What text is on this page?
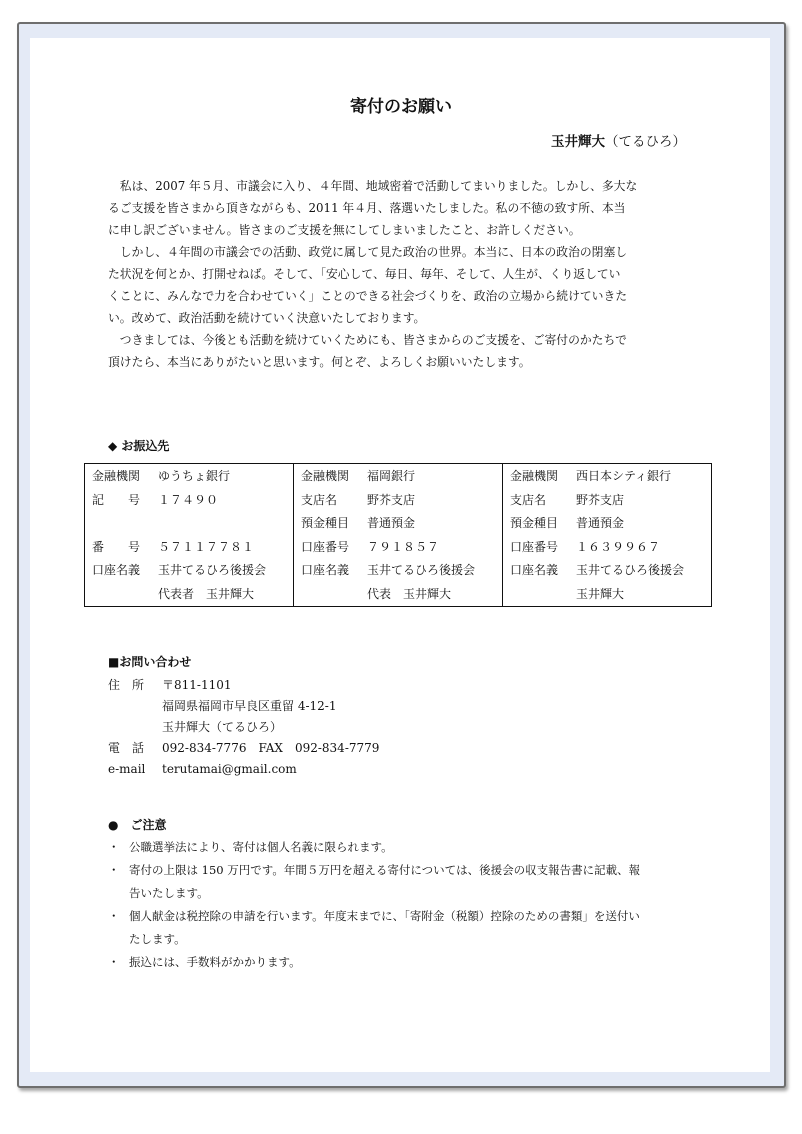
寄付のお願い
玉井輝大（てるひろ）
　私は、2007 年５月、市議会に入り、４年間、地域密着で活動してまいりました。しかし、多大な
るご支援を皆さまから頂きながらも、2011 年４月、落選いたしました。私の不徳の致す所、本当
に申し訳ございません。皆さまのご支援を無にしてしまいましたこと、お許しください。
　しかし、４年間の市議会での活動、政党に属して見た政治の世界。本当に、日本の政治の閉塞し
た状況を何とか、打開せねば。そして、「安心して、毎日、毎年、そして、人生が、くり返してい
くことに、みんなで力を合わせていく」ことのできる社会づくりを、政治の立場から続けていきた
い。改めて、政治活動を続けていく決意いたしております。
　つきましては、今後とも活動を続けていくためにも、皆さまからのご支援を、ご寄付のかたちで
頂けたら、本当にありがたいと思います。何とぞ、よろしくお願いいたします。
◆ お振込先
金融機関 ゆうちょ銀行
記　　号 １７４９０
番　　号 ５７１１７７８１
口座名義 玉井てるひろ後援会
代表者　玉井輝大

金融機関 福岡銀行
支店名 野芥支店
預金種目 普通預金
口座番号 ７９１８５７
口座名義 玉井てるひろ後援会
代表　玉井輝大

金融機関 西日本シティ銀行
支店名 野芥支店
預金種目 普通預金
口座番号 １６３９９６７
口座名義 玉井てるひろ後援会
玉井輝大
■お問い合わせ
住　所 〒811-1101
福岡県福岡市早良区重留 4-12-1
玉井輝大（てるひろ）
電　話 092-834-7776　FAX　092-834-7779
e-mail terutamai@gmail.com
●　ご注意
・ 公職選挙法により、寄付は個人名義に限られます。
・ 寄付の上限は 150 万円です。年間５万円を超える寄付については、後援会の収支報告書に記載、報
告いたします。
・ 個人献金は税控除の申請を行います。年度末までに、「寄附金（税額）控除のための書類」を送付い
たします。
・ 振込には、手数料がかかります。
